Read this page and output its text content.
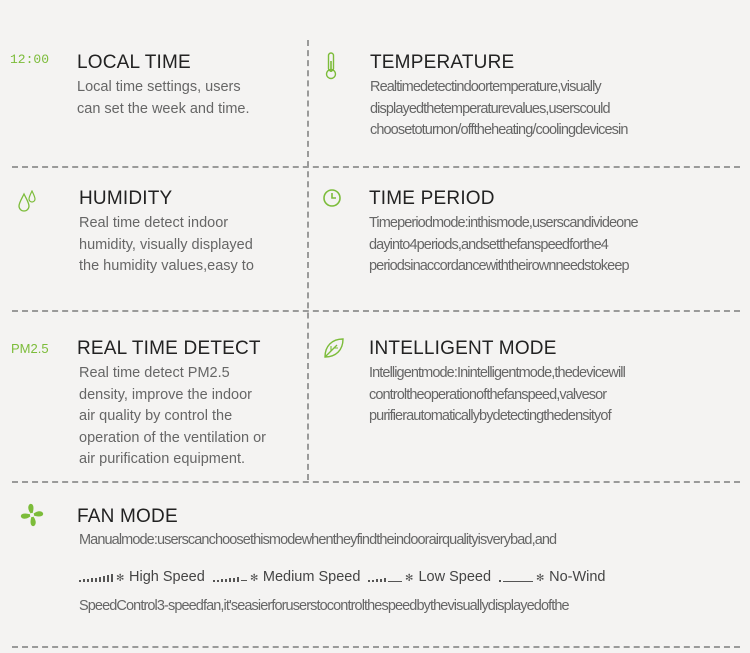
12:00 LOCAL TIME
Local time settings, users
can set the week and time.
TEMPERATURE
Realtimedetectindoortemperature,visually
displayedthetemperaturevalues,userscould
choosetoturnon/offtheheating/coolingdevicesin
HUMIDITY
Real time detect indoor
humidity, visually displayed
the humidity values,easy to
TIME PERIOD
Timeperiodmode:inthismode,userscandivideone
dayinto4periods,andsetthefanspeedforthe4
periodsinaccordancewiththeirownneedstokeep
PM2.5 REAL TIME DETECT
Real time detect PM2.5
density, improve the indoor
air quality by control the
operation of the ventilation or
air purification equipment.
INTELLIGENT MODE
Intelligentmode:Inintelligentmode,thedevicewill
controltheoperationofthefanspeed,valvesor
purifierautomaticallybydetectingthedensityof
FAN MODE
Manualmode:userscanchoosethismodewhentheyfindtheindoorairqualityisverybad,and
✻ High Speed	✻ Medium Speed	✻ Low Speed	✻ No-Wind
SpeedControl3-speedfan,it'seasierforuserstocontrolthespeedbythevisuallydisplayedofthe
